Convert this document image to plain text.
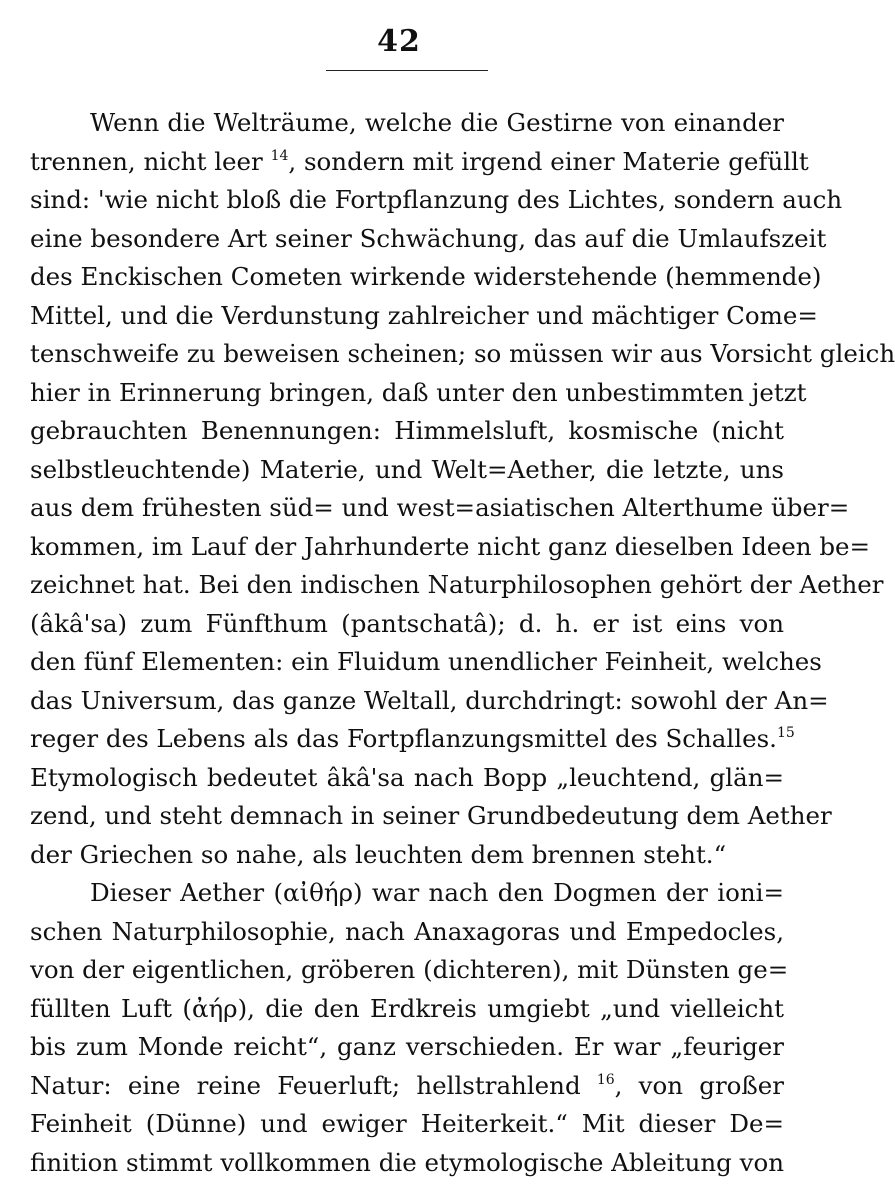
42
Wenn die Welträume, welche die Gestirne von einander
trennen, nicht leer $^{14}$, sondern mit irgend einer Materie gefüllt
sind: 'wie nicht bloß die Fortpflanzung des Lichtes, sondern auch
eine besondere Art seiner Schwächung, das auf die Umlaufszeit
des Enckischen Cometen wirkende widerstehende (hemmende)
Mittel, und die Verdunstung zahlreicher und mächtiger Come=
tenschweife zu beweisen scheinen; so müssen wir aus Vorsicht gleich
hier in Erinnerung bringen, daß unter den unbestimmten jetzt
gebrauchten Benennungen: Himmelsluft, kosmische (nicht
selbstleuchtende) Materie, und Welt=Aether, die letzte, uns
aus dem frühesten süd= und west=asiatischen Alterthume über=
kommen, im Lauf der Jahrhunderte nicht ganz dieselben Ideen be=
zeichnet hat. Bei den indischen Naturphilosophen gehört der Aether
(âkâ'sa) zum Fünfthum (pantschatâ); d. h. er ist eins von
den fünf Elementen: ein Fluidum unendlicher Feinheit, welches
das Universum, das ganze Weltall, durchdringt: sowohl der An=
reger des Lebens als das Fortpflanzungsmittel des Schalles.$^{15}$
Etymologisch bedeutet âkâ'sa nach Bopp „leuchtend, glän=
zend, und steht demnach in seiner Grundbedeutung dem Aether
der Griechen so nahe, als leuchten dem brennen steht.“
Dieser Aether (αἰθήρ) war nach den Dogmen der ioni=
schen Naturphilosophie, nach Anaxagoras und Empedocles,
von der eigentlichen, gröberen (dichteren), mit Dünsten ge=
füllten Luft (ἀήρ), die den Erdkreis umgiebt „und vielleicht
bis zum Monde reicht“, ganz verschieden. Er war „feuriger
Natur: eine reine Feuerluft; hellstrahlend $^{16}$, von großer
Feinheit (Dünne) und ewiger Heiterkeit.“ Mit dieser De=
finition stimmt vollkommen die etymologische Ableitung von
